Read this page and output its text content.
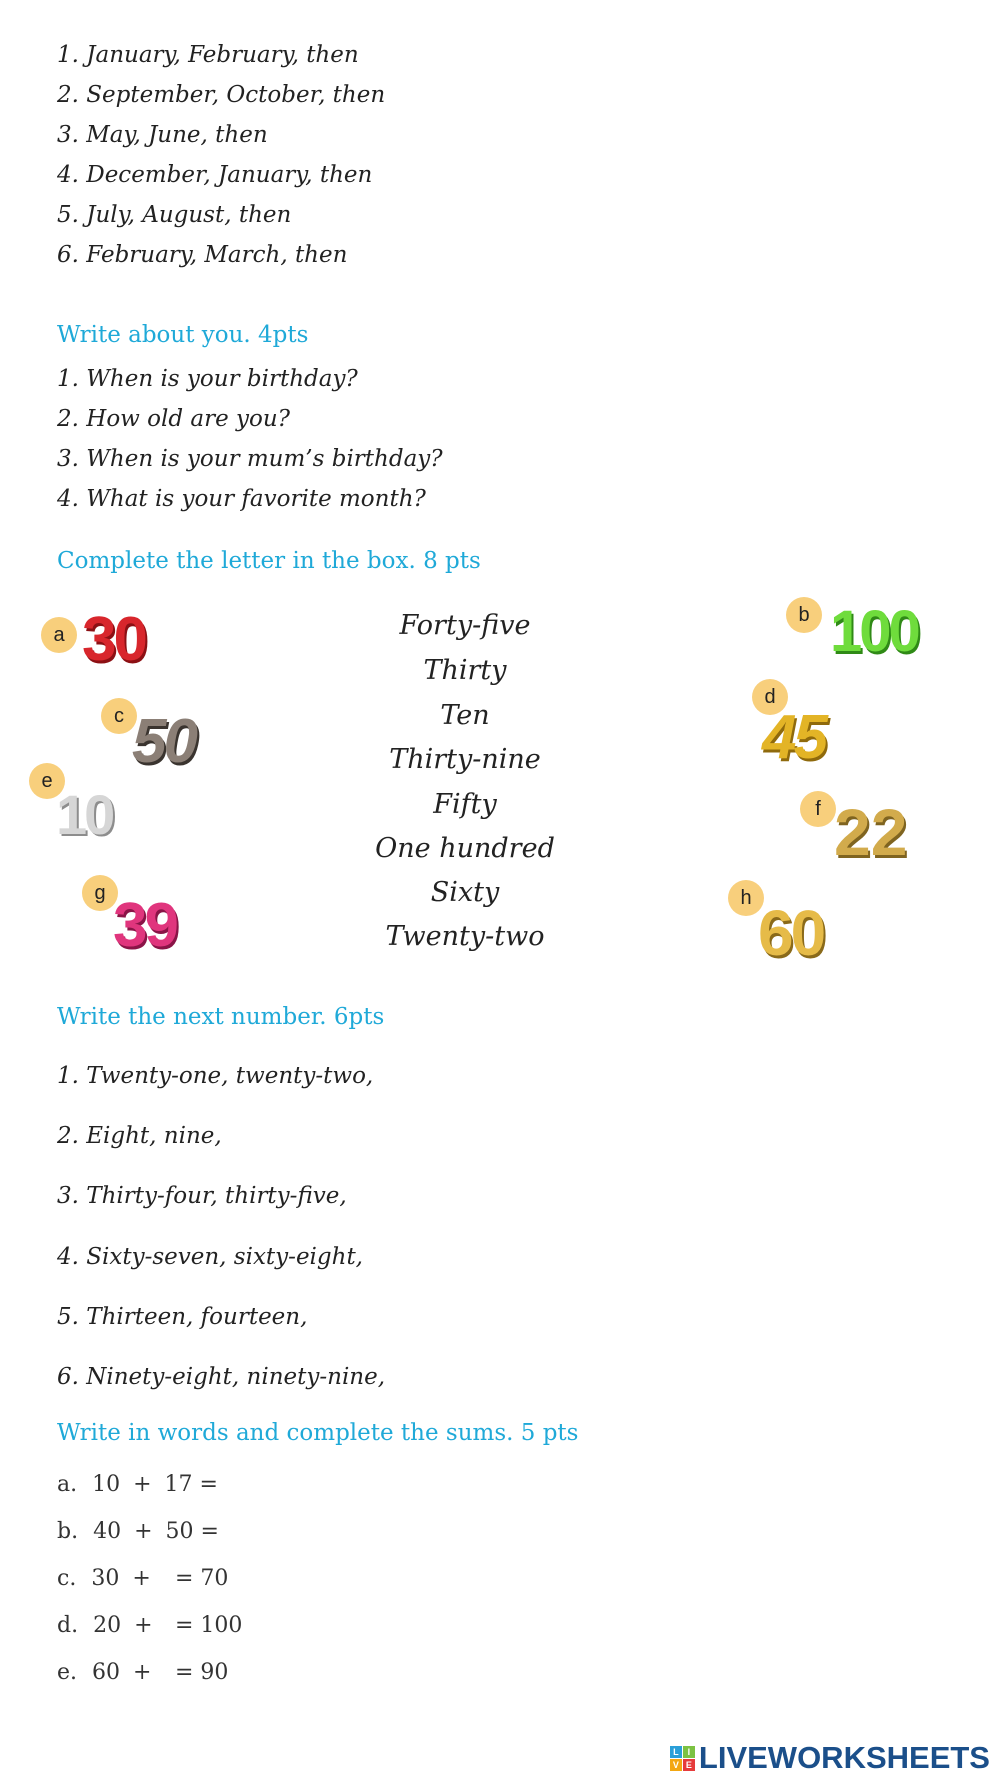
1. January, February, then
2. September, October, then
3. May, June, then
4. December, January, then
5. July, August, then
6. February, March, then
Write about you. 4pts
1. When is your birthday?
2. How old are you?
3. When is your mum’s birthday?
4. What is your favorite month?
Complete the letter in the box. 8 pts
Forty-five
Thirty
Ten
Thirty-nine
Fifty
One hundred
Sixty
Twenty-two
a 30	b 100
c 50
d
45
e
10	f 22
g 39	h 60
Write the next number. 6pts
1. Twenty-one, twenty-two,
2. Eight, nine,
3. Thirty-four, thirty-five,
4. Sixty-seven, sixty-eight,
5. Thirteen, fourteen,
6. Ninety-eight, ninety-nine,
Write in words and complete the sums. 5 pts
a. 10 + 17 =
b. 40 + 50 =
c. 30 + = 70
d. 20 + = 100
e. 60 + = 90
L I
V E LIVEWORKSHEETS
